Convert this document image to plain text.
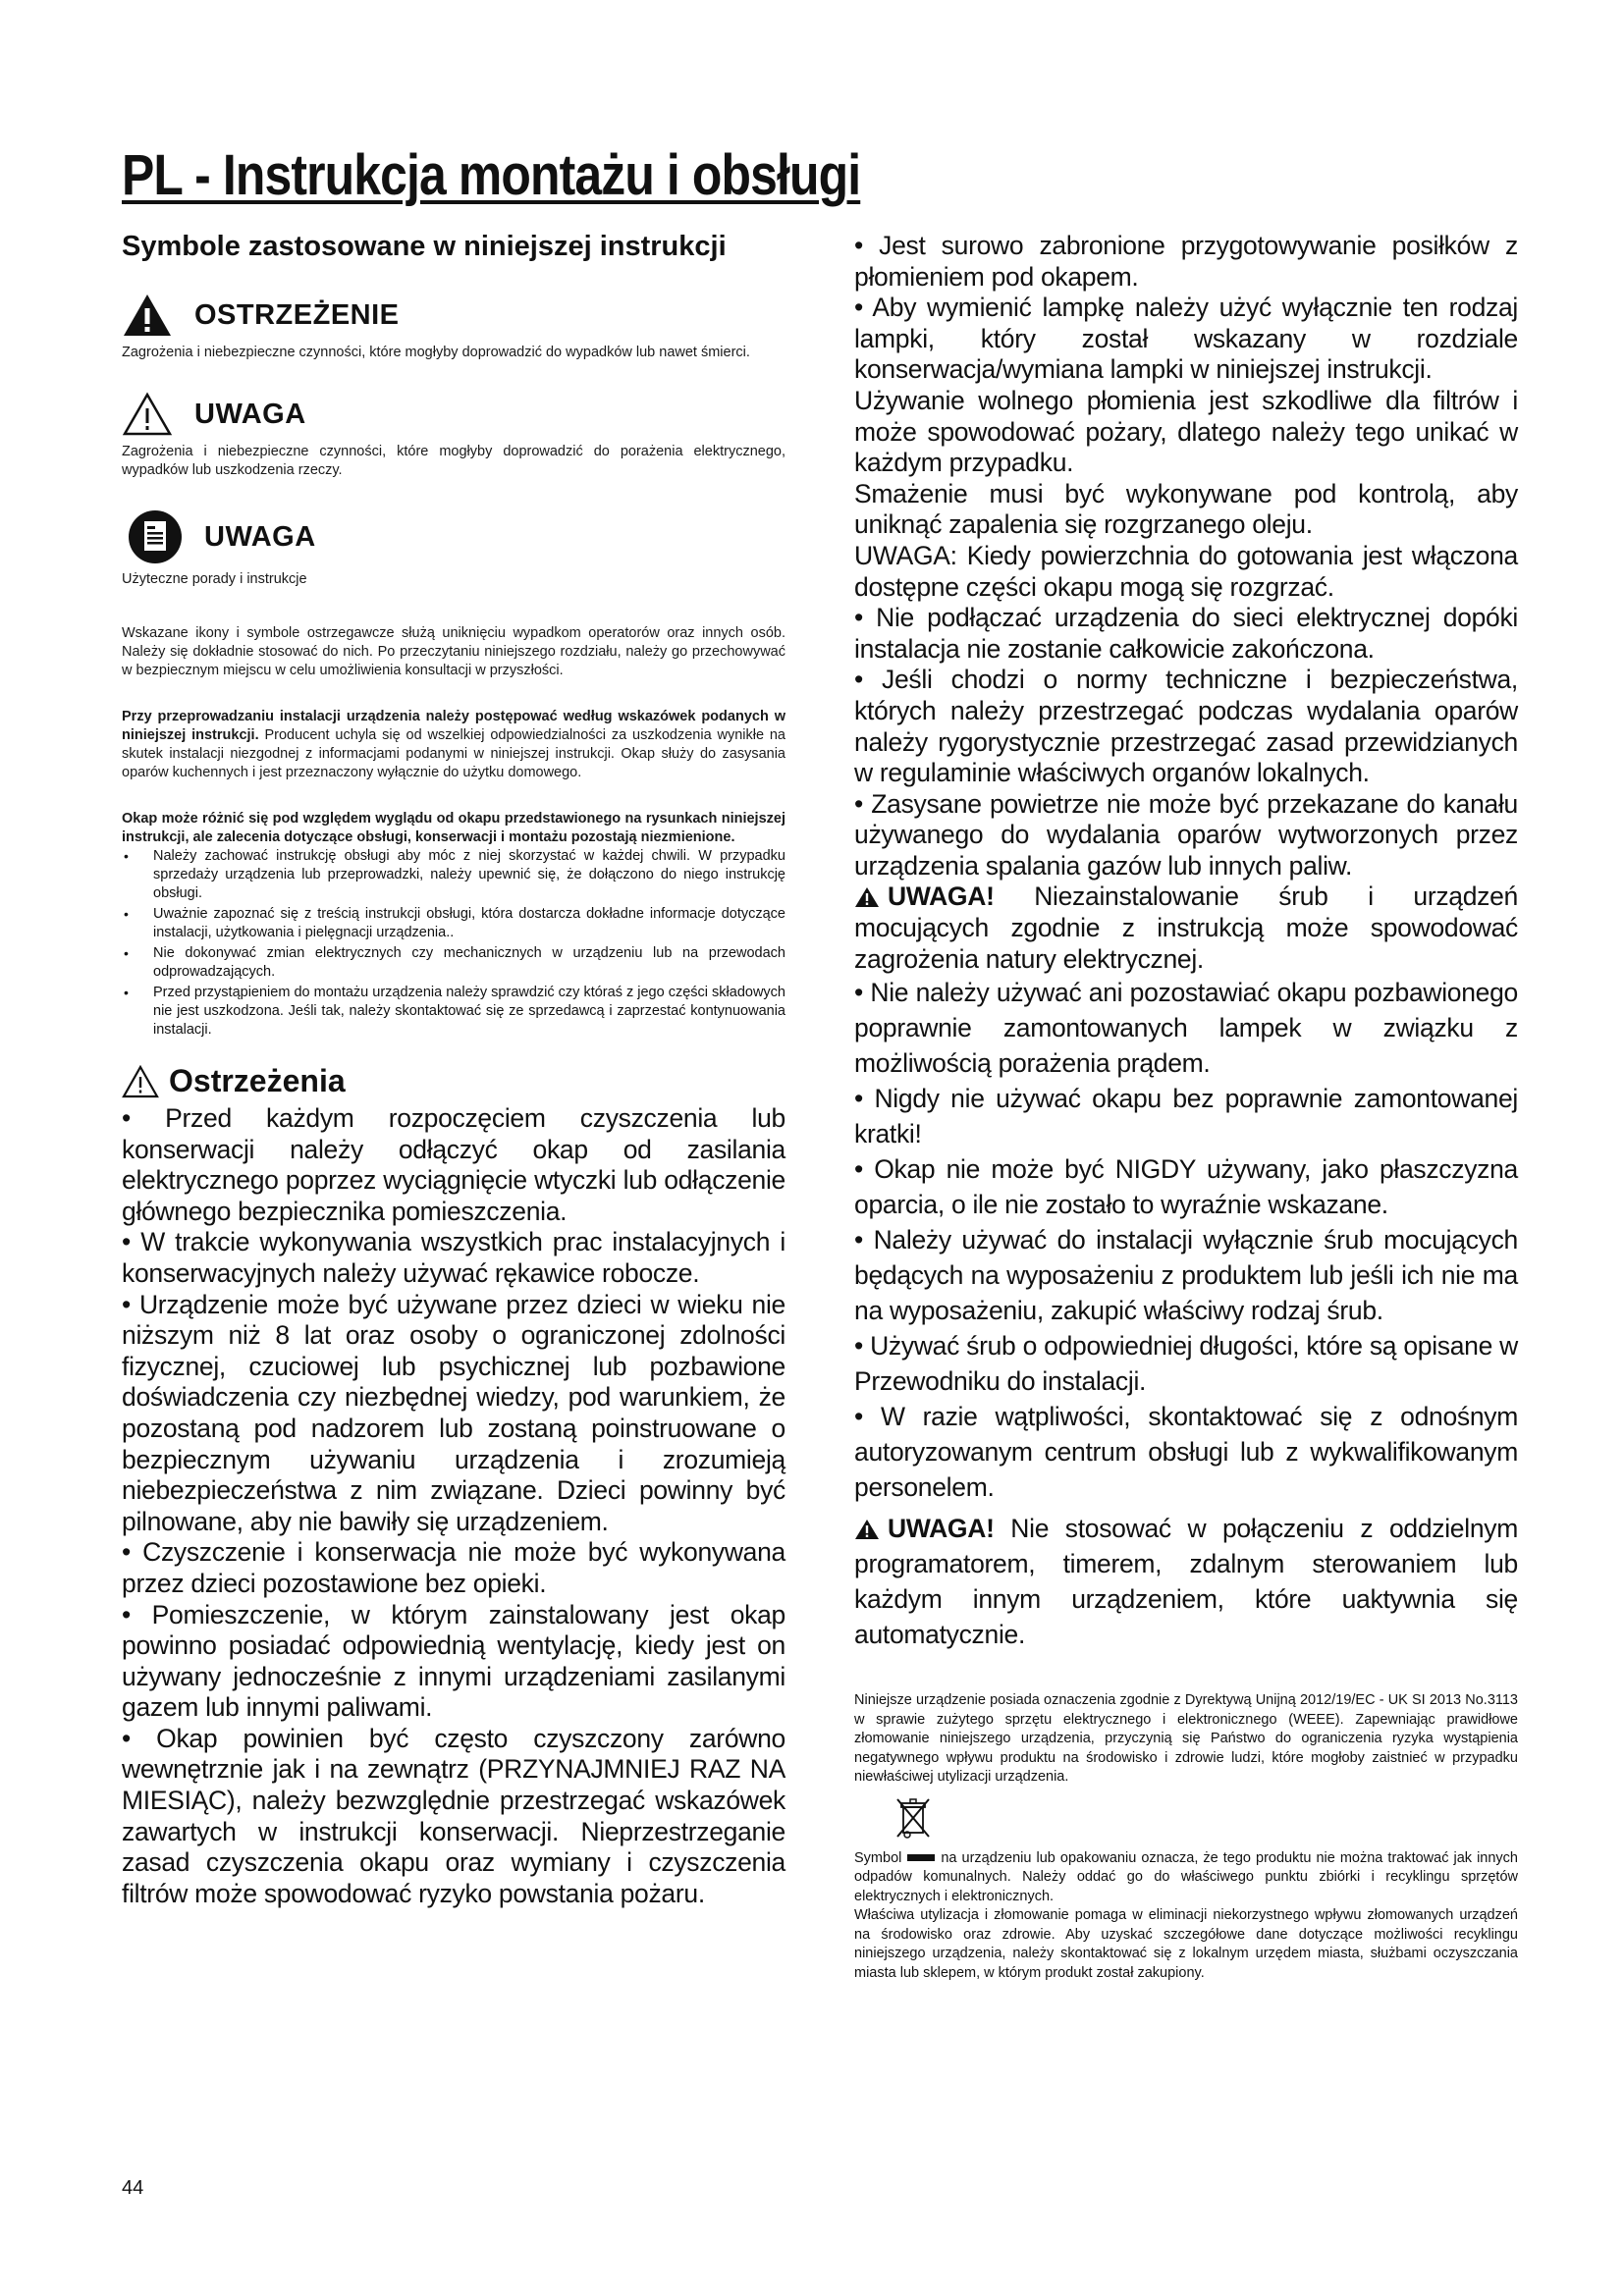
PL - Instrukcja montażu i obsługi
Symbole zastosowane w niniejszej instrukcji
OSTRZEŻENIE

Zagrożenia i niebezpieczne czynności, które mogłyby doprowadzić do wypadków lub nawet śmierci.

UWAGA

Zagrożenia i niebezpieczne czynności, które mogłyby doprowadzić do porażenia elektrycznego, wypadków lub uszkodzenia rzeczy.

UWAGA

Użyteczne porady i instrukcje

Wskazane ikony i symbole ostrzegawcze służą uniknięciu wypadkom operatorów oraz innych osób. Należy się dokładnie stosować do nich. Po przeczytaniu niniejszego rozdziału, należy go przechowywać w bezpiecznym miejscu w celu umożliwienia konsultacji w przyszłości.

Przy przeprowadzaniu instalacji urządzenia należy postępować według wskazówek podanych w niniejszej instrukcji. Producent uchyla się od wszelkiej odpowiedzialności za uszkodzenia wynikłe na skutek instalacji niezgodnej z informacjami podanymi w niniejszej instrukcji. Okap służy do zasysania oparów kuchennych i jest przeznaczony wyłącznie do użytku domowego.

Okap może różnić się pod względem wyglądu od okapu przedstawionego na rysunkach niniejszej instrukcji, ale zalecenia dotyczące obsługi, konserwacji i montażu pozostają niezmienione.

• Należy zachować instrukcję obsługi aby móc z niej skorzystać w każdej chwili. W przypadku sprzedaży urządzenia lub przeprowadzki, należy upewnić się, że dołączono do niego instrukcję obsługi.
• Uważnie zapoznać się z treścią instrukcji obsługi, która dostarcza dokładne informacje dotyczące instalacji, użytkowania i pielęgnacji urządzenia..
• Nie dokonywać zmian elektrycznych czy mechanicznych w urządzeniu lub na przewodach odprowadzających.
• Przed przystąpieniem do montażu urządzenia należy sprawdzić czy któraś z jego części składowych nie jest uszkodzona. Jeśli tak, należy skontaktować się ze sprzedawcą i zaprzestać kontynuowania instalacji.
Ostrzeżenia

• Przed każdym rozpoczęciem czyszczenia lub konserwacji należy odłączyć okap od zasilania elektrycznego poprzez wyciągnięcie wtyczki lub odłączenie głównego bezpiecznika pomieszczenia.

• W trakcie wykonywania wszystkich prac instalacyjnych i konserwacyjnych należy używać rękawice robocze.

• Urządzenie może być używane przez dzieci w wieku nie niższym niż 8 lat oraz osoby o ograniczonej zdolności fizycznej, czuciowej lub psychicznej lub pozbawione doświadczenia czy niezbędnej wiedzy, pod warunkiem, że pozostaną pod nadzorem lub zostaną poinstruowane o bezpiecznym używaniu urządzenia i zrozumieją niebezpieczeństwa z nim związane. Dzieci powinny być pilnowane, aby nie bawiły się urządzeniem.

• Czyszczenie i konserwacja nie może być wykonywana przez dzieci pozostawione bez opieki.

• Pomieszczenie, w którym zainstalowany jest okap powinno posiadać odpowiednią wentylację, kiedy jest on używany jednocześnie z innymi urządzeniami zasilanymi gazem lub innymi paliwami.

• Okap powinien być często czyszczony zarówno wewnętrznie jak i na zewnątrz (PRZYNAJMNIEJ RAZ NA MIESIĄC), należy bezwzględnie przestrzegać wskazówek zawartych w instrukcji konserwacji. Nieprzestrzeganie zasad czyszczenia okapu oraz wymiany i czyszczenia filtrów może spowodować ryzyko powstania pożaru.

• Jest surowo zabronione przygotowywanie posiłków z płomieniem pod okapem.

• Aby wymienić lampkę należy użyć wyłącznie ten rodzaj lampki, który został wskazany w rozdziale konserwacja/wymiana lampki w niniejszej instrukcji.

Używanie wolnego płomienia jest szkodliwe dla filtrów i może spowodować pożary, dlatego należy tego unikać w każdym przypadku.

Smażenie musi być wykonywane pod kontrolą, aby uniknąć zapalenia się rozgrzanego oleju.

UWAGA: Kiedy powierzchnia do gotowania jest włączona dostępne części okapu mogą się rozgrzać.

• Nie podłączać urządzenia do sieci elektrycznej dopóki instalacja nie zostanie całkowicie zakończona.

• Jeśli chodzi o normy techniczne i bezpieczeństwa, których należy przestrzegać podczas wydalania oparów należy rygorystycznie przestrzegać zasad przewidzianych w regulaminie właściwych organów lokalnych.

• Zasysane powietrze nie może być przekazane do kanału używanego do wydalania oparów wytworzonych przez urządzenia spalania gazów lub innych paliw.

UWAGA! Niezainstalowanie śrub i urządzeń mocujących zgodnie z instrukcją może spowodować zagrożenia natury elektrycznej.

• Nie należy używać ani pozostawiać okapu pozbawionego poprawnie zamontowanych lampek w związku z możliwością porażenia prądem.

• Nigdy nie używać okapu bez poprawnie zamontowanej kratki!

• Okap nie może być NIGDY używany, jako płaszczyzna oparcia, o ile nie zostało to wyraźnie wskazane.

• Należy używać do instalacji wyłącznie śrub mocujących będących na wyposażeniu z produktem lub jeśli ich nie ma na wyposażeniu, zakupić właściwy rodzaj śrub.

• Używać śrub o odpowiedniej długości, które są opisane w Przewodniku do instalacji.

• W razie wątpliwości, skontaktować się z odnośnym autoryzowanym centrum obsługi lub z wykwalifikowanym personelem.

UWAGA! Nie stosować w połączeniu z oddzielnym programatorem, timerem, zdalnym sterowaniem lub każdym innym urządzeniem, które uaktywnia się automatycznie.

Niniejsze urządzenie posiada oznaczenia zgodnie z Dyrektywą Unijną 2012/19/EC - UK SI 2013 No.3113 w sprawie zużytego sprzętu elektrycznego i elektronicznego (WEEE). Zapewniając prawidłowe złomowanie niniejszego urządzenia, przyczynią się Państwo do ograniczenia ryzyka wystąpienia negatywnego wpływu produktu na środowisko i zdrowie ludzi, które mogłoby zaistnieć w przypadku niewłaściwej utylizacji urządzenia.

Symbol	na urządzeniu lub opakowaniu oznacza, że tego produktu nie można traktować jak innych odpadów komunalnych. Należy oddać go do właściwego punktu zbiórki i recyklingu sprzętów elektrycznych i elektronicznych.

Właściwa utylizacja i złomowanie pomaga w eliminacji niekorzystnego wpływu złomowanych urządzeń na środowisko oraz zdrowie. Aby uzyskać szczegółowe dane dotyczące możliwości recyklingu niniejszego urządzenia, należy skontaktować się z lokalnym urzędem miasta, służbami oczyszczania miasta lub sklepem, w którym produkt został zakupiony.

44
